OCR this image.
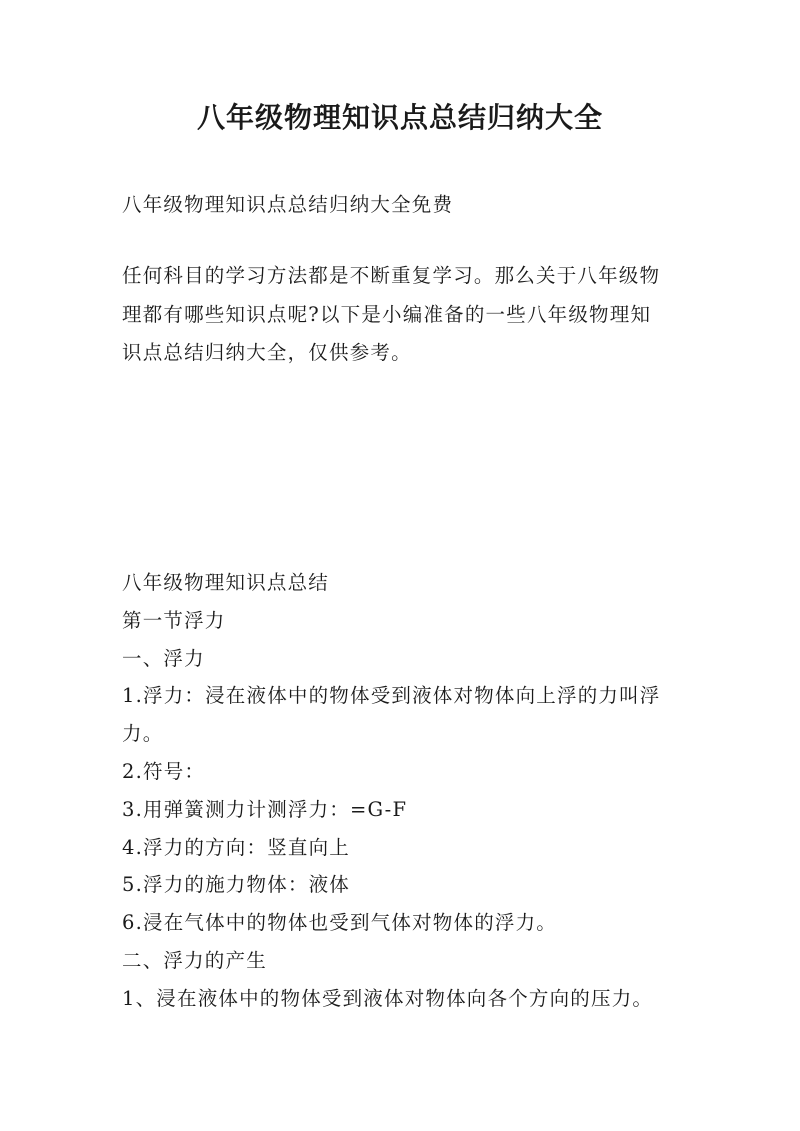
八年级物理知识点总结归纳大全
八年级物理知识点总结归纳大全免费
任何科目的学习方法都是不断重复学习。那么关于八年级物
理都有哪些知识点呢?以下是小编准备的一些八年级物理知
识点总结归纳大全，仅供参考。
八年级物理知识点总结
第一节浮力
一、浮力
1.浮力：浸在液体中的物体受到液体对物体向上浮的力叫浮
力。
2.符号：
3.用弹簧测力计测浮力：=G-F
4.浮力的方向：竖直向上
5.浮力的施力物体：液体
6.浸在气体中的物体也受到气体对物体的浮力。
二、浮力的产生
1、浸在液体中的物体受到液体对物体向各个方向的压力。
